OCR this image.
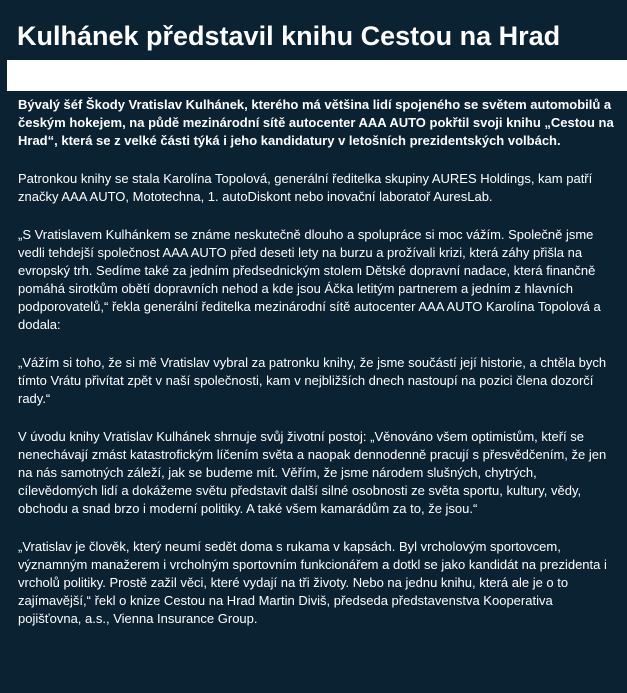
Kulhánek představil knihu Cestou na Hrad

Bývalý šéf Škody Vratislav Kulhánek, kterého má většina lidí spojeného se světem automobilů a českým hokejem, na půdě mezinárodní sítě autocenter AAA AUTO pokřtil svoji knihu „Cestou na Hrad“, která se z velké části týká i jeho kandidatury v letošních prezidentských volbách.

Patronkou knihy se stala Karolína Topolová, generální ředitelka skupiny AURES Holdings, kam patří značky AAA AUTO, Mototechna, 1. autoDiskont nebo inovační laboratoř AuresLab.

„S Vratislavem Kulhánkem se známe neskutečně dlouho a spolupráce si moc vážím. Společně jsme vedli tehdejší společnost AAA AUTO před deseti lety na burzu a prožívali krizi, která záhy přišla na evropský trh. Sedíme také za jedním předsednickým stolem Dětské dopravní nadace, která finančně pomáhá sirotkům obětí dopravních nehod a kde jsou Áčka letitým partnerem a jedním z hlavních podporovatelů,“ řekla generální ředitelka mezinárodní sítě autocenter AAA AUTO Karolína Topolová a dodala:

„Vážím si toho, že si mě Vratislav vybral za patronku knihy, že jsme součástí její historie, a chtěla bych tímto Vrátu přivítat zpět v naší společnosti, kam v nejbližších dnech nastoupí na pozici člena dozorčí rady.“

V úvodu knihy Vratislav Kulhánek shrnuje svůj životní postoj: „Věnováno všem optimistům, kteří se nenechávají zmást katastrofickým líčením světa a naopak dennodenně pracují s přesvědčením, že jen na nás samotných záleží, jak se budeme mít. Věřím, že jsme národem slušných, chytrých, cílevědomých lidí a dokážeme světu představit další silné osobnosti ze světa sportu, kultury, vědy, obchodu a snad brzo i moderní politiky. A také všem kamarádům za to, že jsou.“

„Vratislav je člověk, který neumí sedět doma s rukama v kapsách. Byl vrcholovým sportovcem, významným manažerem i vrcholným sportovním funkcionářem a dotkl se jako kandidát na prezidenta i vrcholů politiky. Prostě zažil věci, které vydají na tři životy. Nebo na jednu knihu, která ale je o to zajímavější,“ řekl o knize Cestou na Hrad Martin Diviš, předseda představenstva Kooperativa pojišťovna, a.s., Vienna Insurance Group.
